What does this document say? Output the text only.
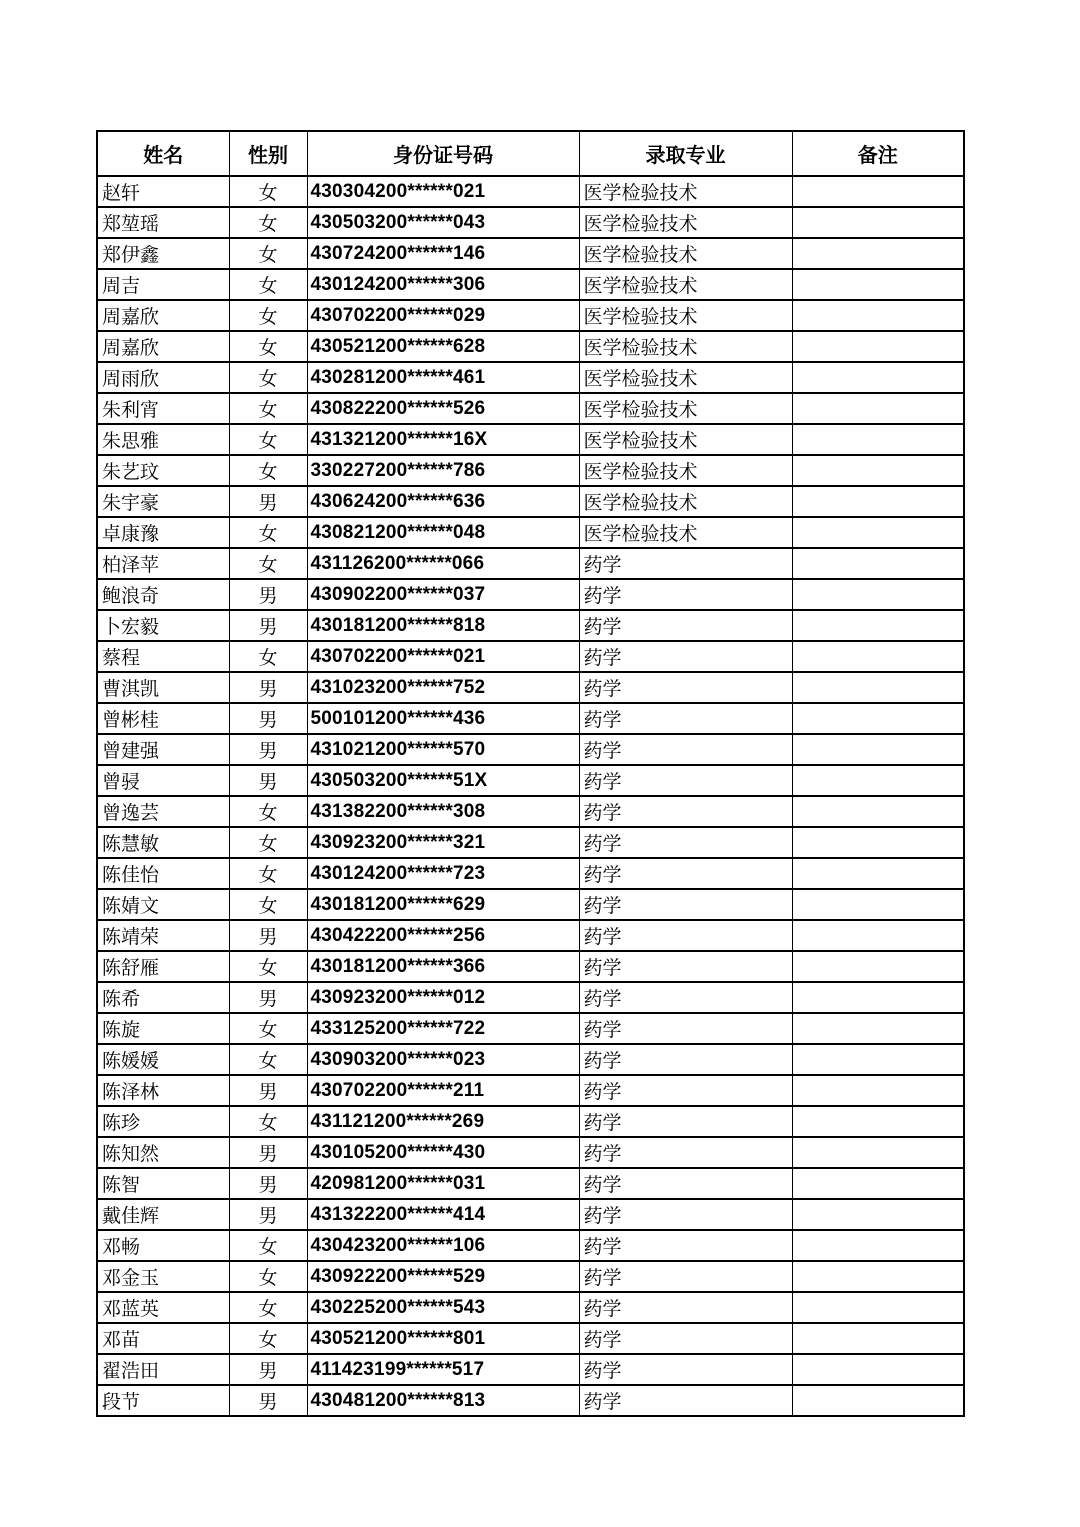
姓名	性别	身份证号码	录取专业	备注
赵轩	女	430304200******021	医学检验技术	
郑堃瑶	女	430503200******043	医学检验技术	
郑伊鑫	女	430724200******146	医学检验技术	
周吉	女	430124200******306	医学检验技术	
周嘉欣	女	430702200******029	医学检验技术	
周嘉欣	女	430521200******628	医学检验技术	
周雨欣	女	430281200******461	医学检验技术	
朱利宵	女	430822200******526	医学检验技术	
朱思雅	女	431321200******16X	医学检验技术	
朱艺玟	女	330227200******786	医学检验技术	
朱宇豪	男	430624200******636	医学检验技术	
卓康豫	女	430821200******048	医学检验技术	
柏泽苹	女	431126200******066	药学	
鲍浪奇	男	430902200******037	药学	
卜宏毅	男	430181200******818	药学	
蔡程	女	430702200******021	药学	
曹淇凯	男	431023200******752	药学	
曾彬桂	男	500101200******436	药学	
曾建强	男	431021200******570	药学	
曾骎	男	430503200******51X	药学	
曾逸芸	女	431382200******308	药学	
陈慧敏	女	430923200******321	药学	
陈佳怡	女	430124200******723	药学	
陈婧文	女	430181200******629	药学	
陈靖荣	男	430422200******256	药学	
陈舒雁	女	430181200******366	药学	
陈希	男	430923200******012	药学	
陈旋	女	433125200******722	药学	
陈媛媛	女	430903200******023	药学	
陈泽林	男	430702200******211	药学	
陈珍	女	431121200******269	药学	
陈知然	男	430105200******430	药学	
陈智	男	420981200******031	药学	
戴佳辉	男	431322200******414	药学	
邓畅	女	430423200******106	药学	
邓金玉	女	430922200******529	药学	
邓蓝英	女	430225200******543	药学	
邓苗	女	430521200******801	药学	
翟浩田	男	411423199******517	药学	
段节	男	430481200******813	药学	
